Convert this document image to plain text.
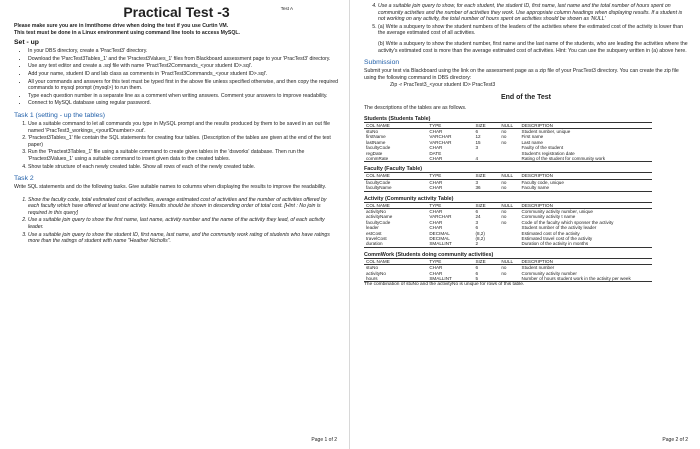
Practical Test -3	Test A
Please make sure you are in /mnt/home drive when doing the test if you use Curtin VM.
This test must be done in a Linux environment using command line tools to access MySQL.
Set - up
• In your DBS directory, create a 'PracTest3' directory.
• Download the 'ParcTest3Tables_1' and the 'Practest3Values_1' files from Blackboard assessment page to your 'PracTest3' directory.
• Use any text editor and create a .sql file with name 'PractTest2Commands_<your student ID>.sql'.
• Add your name, student ID and lab class as comments in 'PractTest3Commands_<your student ID>.sql'.
• All your commands and answers for this test must be typed first in the above file unless specified otherwise, and then copy the required commands to mysql prompt (mysql>) to run them.
• Type each question number in a separate line as a comment when writing answers. Comment your answers to improve readability.
• Connect to MySQL database using regular password.
Task 1 (setting - up the tables)
1. Use a suitable command to let all commands you type in MySQL prompt and the results produced by them to be saved in an out file named 'PracTest3_workings_<yourIDnumber>.out'.
2. 'Practest3Tables_1' file contain the SQL statements for creating four tables. (Description of the tables are given at the end of the test paper)
3. Run the 'Practest3Tables_1' file using a suitable command to create given tables in the 'dsworks' database. Then run the 'Practest3Values_1' using a suitable command to insert given data to the created tables.
4. Show table structure of each newly created table. Show all rows of each of the newly created table.
Task 2

Write SQL statements and do the following tasks. Give suitable names to columns when displaying the results to improve the readability.

1. Show the faculty code, total estimated cost of activities, average estimated cost of activities and the number of activities offered by each faculty which have offered at least one activity. Results should be shown in descending order of total cost. [Hint : No join is required in this query]
2. Use a suitable join query to show the first name, last name, activity number and the name of the activity they lead, of each activity leader.
3. Use a suitable join query to show the student ID, first name, last name, and the community work rating of students who have ratings more than the ratings of student with name "Heather Nicholls".
Page 1 of 2
4. Use a suitable join query to show, for each student, the student ID, first name, last name and the total number of hours spent on community activities and the number of activities they work. Use appropriate column headings when displaying results. If a student is not working on any activity, the total number of hours spent on activities should be shown as 'NULL'
5. (a) Write a subquery to show the student numbers of the leaders of the activities where the estimated cost of the activity is lower than the average estimated cost of all activities.
(b) Write a subquery to show the student number, first name and the last name of the students, who are leading the activities where the activity's estimated cost is more than the average estimated cost of activities. Hint: You can use the subquery written in (a) above here.
Submission

Submit your test via Blackboard using the link on the assessment page as a zip file of your PracTest3 directory. You can create the zip file using the following command in DBS directory:

Zip -r PracTest3_<your student ID> PracTest3

End of the Test

The descriptions of the tables are as follows.

Students (Students Table)
COL NAME	TYPE	SIZE	NULL	DESCRIPTION
stuNo	CHAR	6	no	Student number, unique
firstName	VARCHAR	12	no	First name
lastName	VARCHAR	15	no	Last name
facultyCode	CHAR	3		Faulty of the student
regDate	DATE			Student's registration date
commRate	CHAR	4		Rating of the student for community work
Faculty (Faculty Table)
COL NAME	TYPE	SIZE	NULL	DESCRIPTION
facultyCode	CHAR	3	no	Faculty code, unique
facultyName	CHAR	36	no	Faculty name
Activity (Community activity Table)
COL NAME	TYPE	SIZE	NULL	DESCRIPTION
activityNo	CHAR	6	no	Community activity number, unique
activityName	VARCHAR	24	no	Community activity t name
facultyCode	CHAR	3	no	Code of the faculty which sponser the activity
leader	CHAR	6		Student number of the activity leader
estCost	DECIMAL	(8,2)		Estimated cost of the activity
travelCost	DECIMAL	(8,2)		Estimated travel cost of the activity
duration	SMALLINT	2		Duration of the activity in months
CommWork (Students doing community activities)
COL NAME	TYPE	SIZE	NULL	DESCRIPTION
stuNo	CHAR	6	no	Student number
activityNo	CHAR	6	no	Community activity number
hours	SMALLINT	5		Number of hours student work in the activity per week

The combination of stuNo and the activityNo is unique for rows of this table.

Page 2 of 2
